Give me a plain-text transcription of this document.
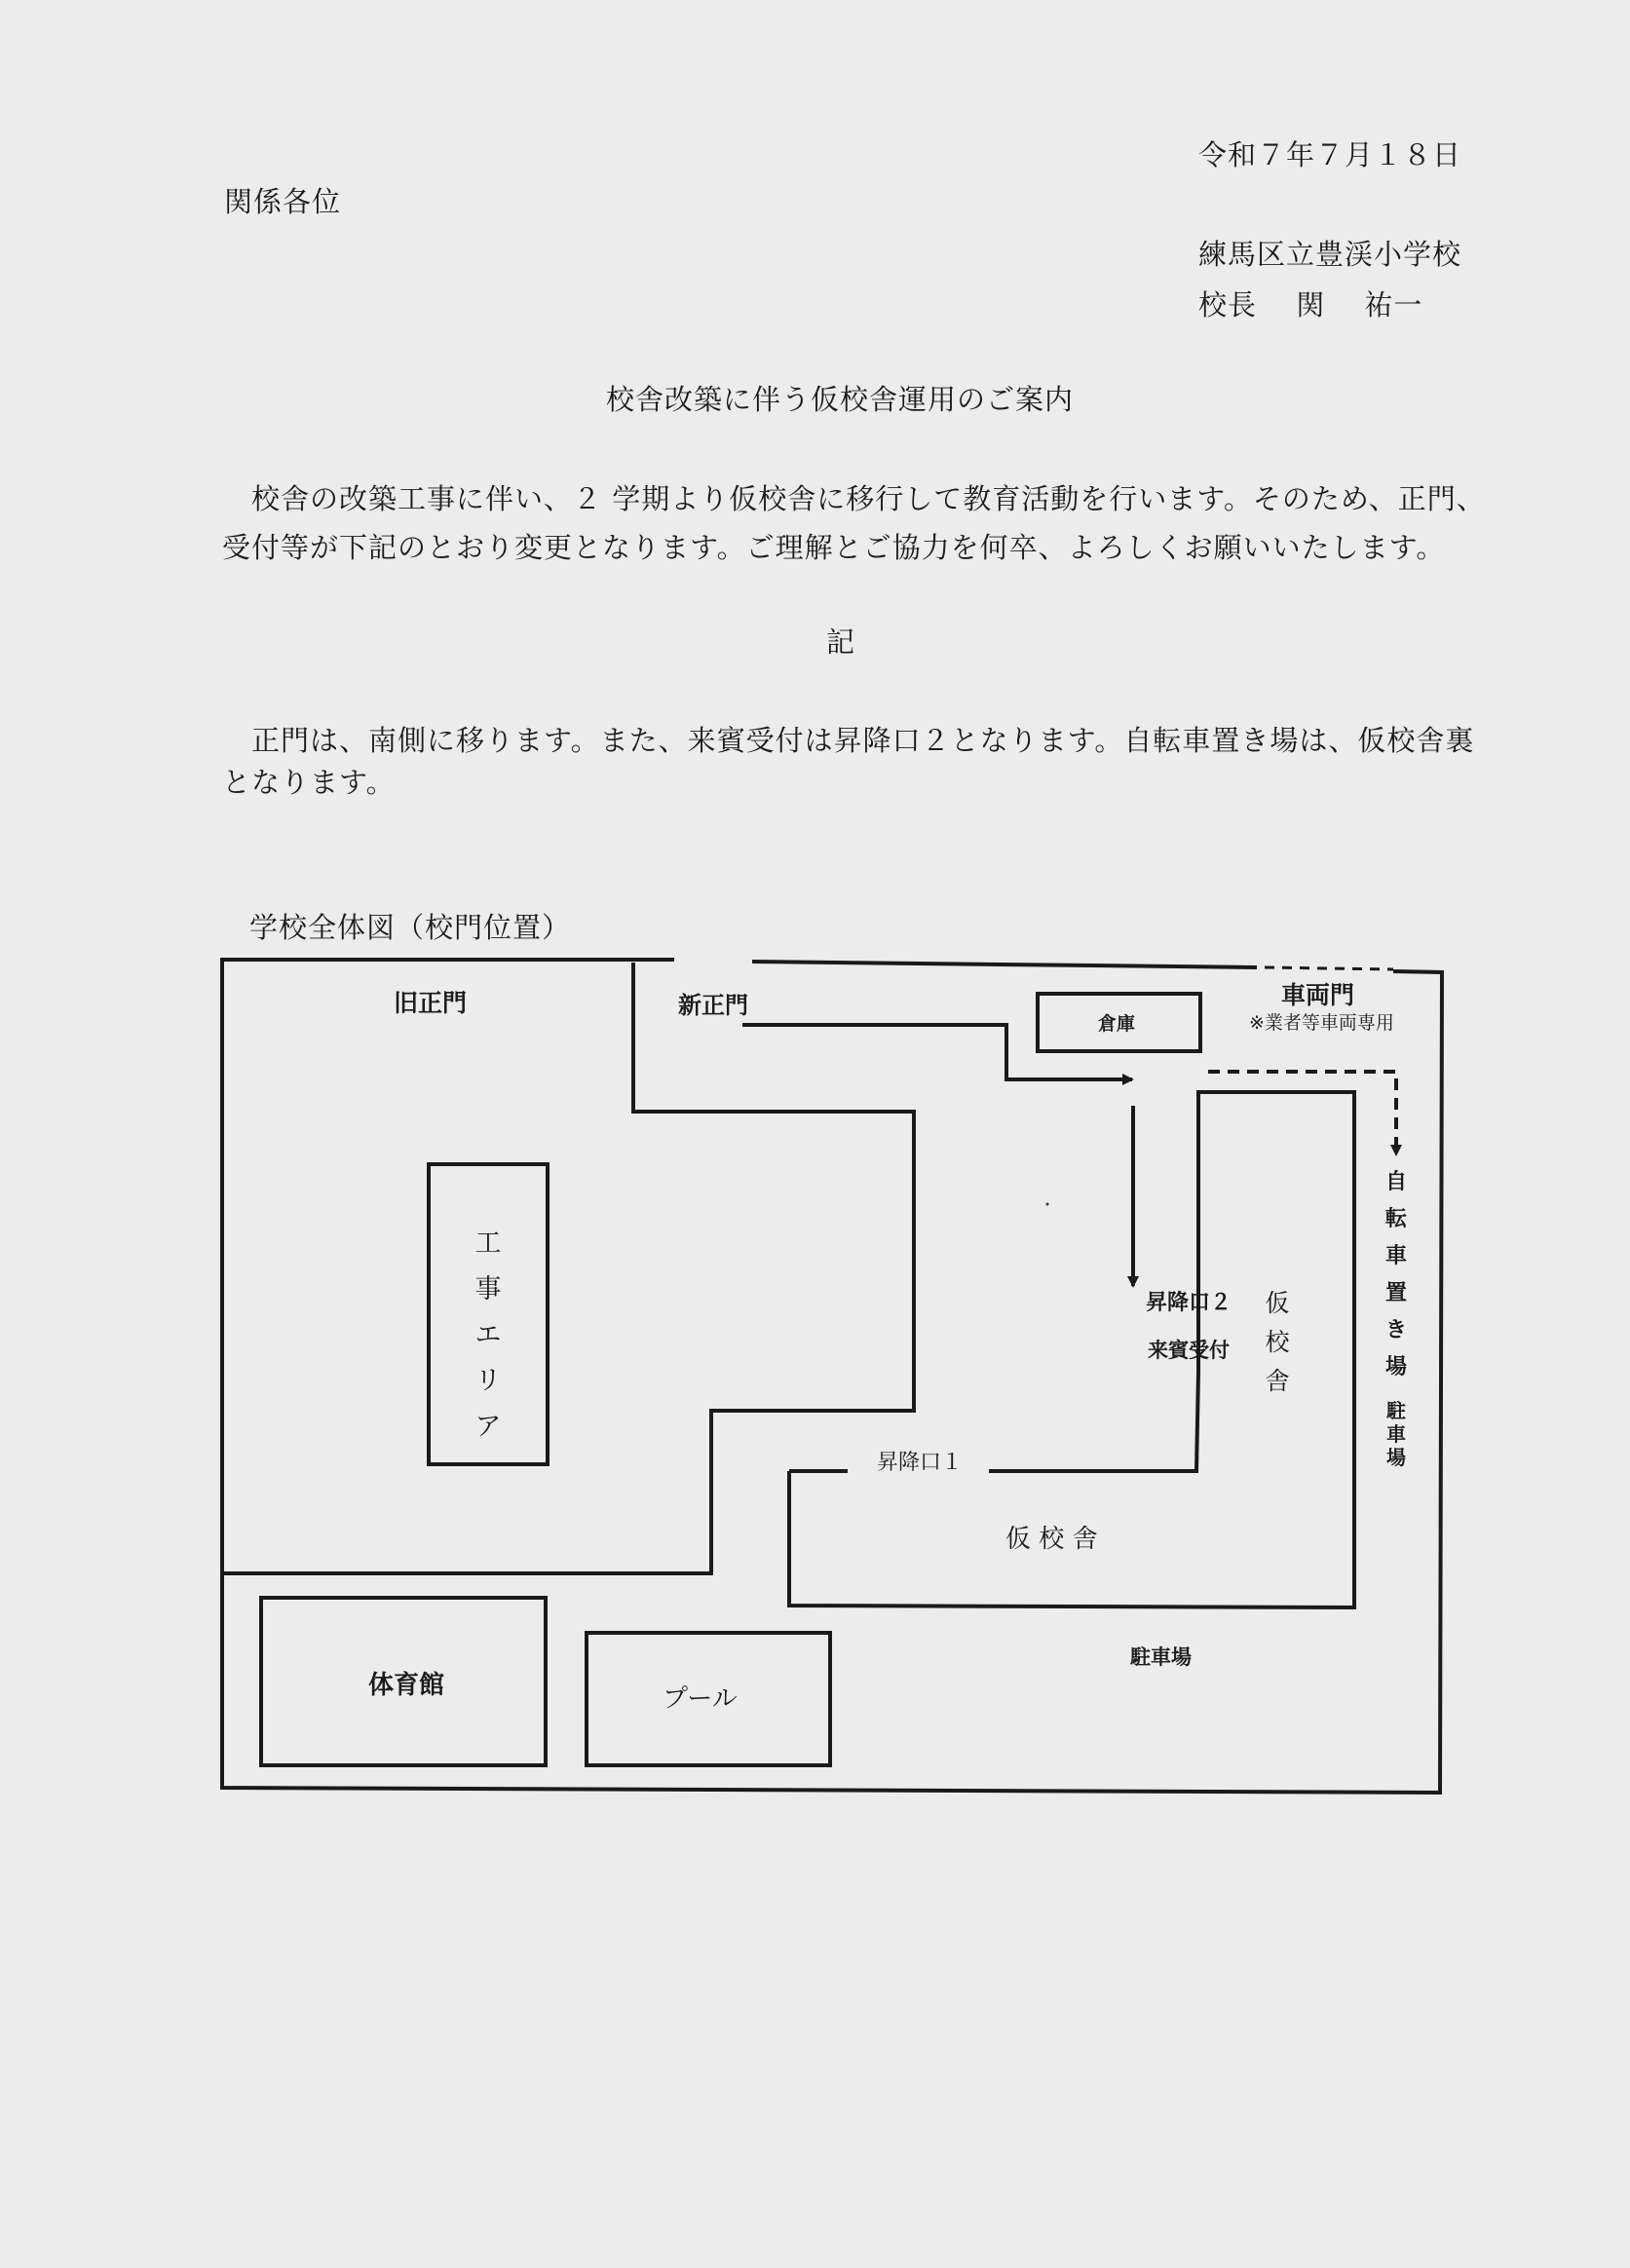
令和７年７月１８日
関係各位
練馬区立豊渓小学校
校長　 関 　祐一
校舎改築に伴う仮校舎運用のご案内
校舎の改築工事に伴い、２ 学期より仮校舎に移行して教育活動を行います。そのため、正門、
受付等が下記のとおり変更となります。ご理解とご協力を何卒、よろしくお願いいたします。
記
正門は、南側に移ります。また、来賓受付は昇降口２となります。自転車置き場は、仮校舎裏
となります。
学校全体図（校門位置）
旧正門	新正門
倉庫
車両門
※業者等車両専用
昇降口２
来賓受付
昇降口１
仮 校 舎
体育館	プール
駐車場
工事エリア
仮校舎
自転車置き場
駐車場
